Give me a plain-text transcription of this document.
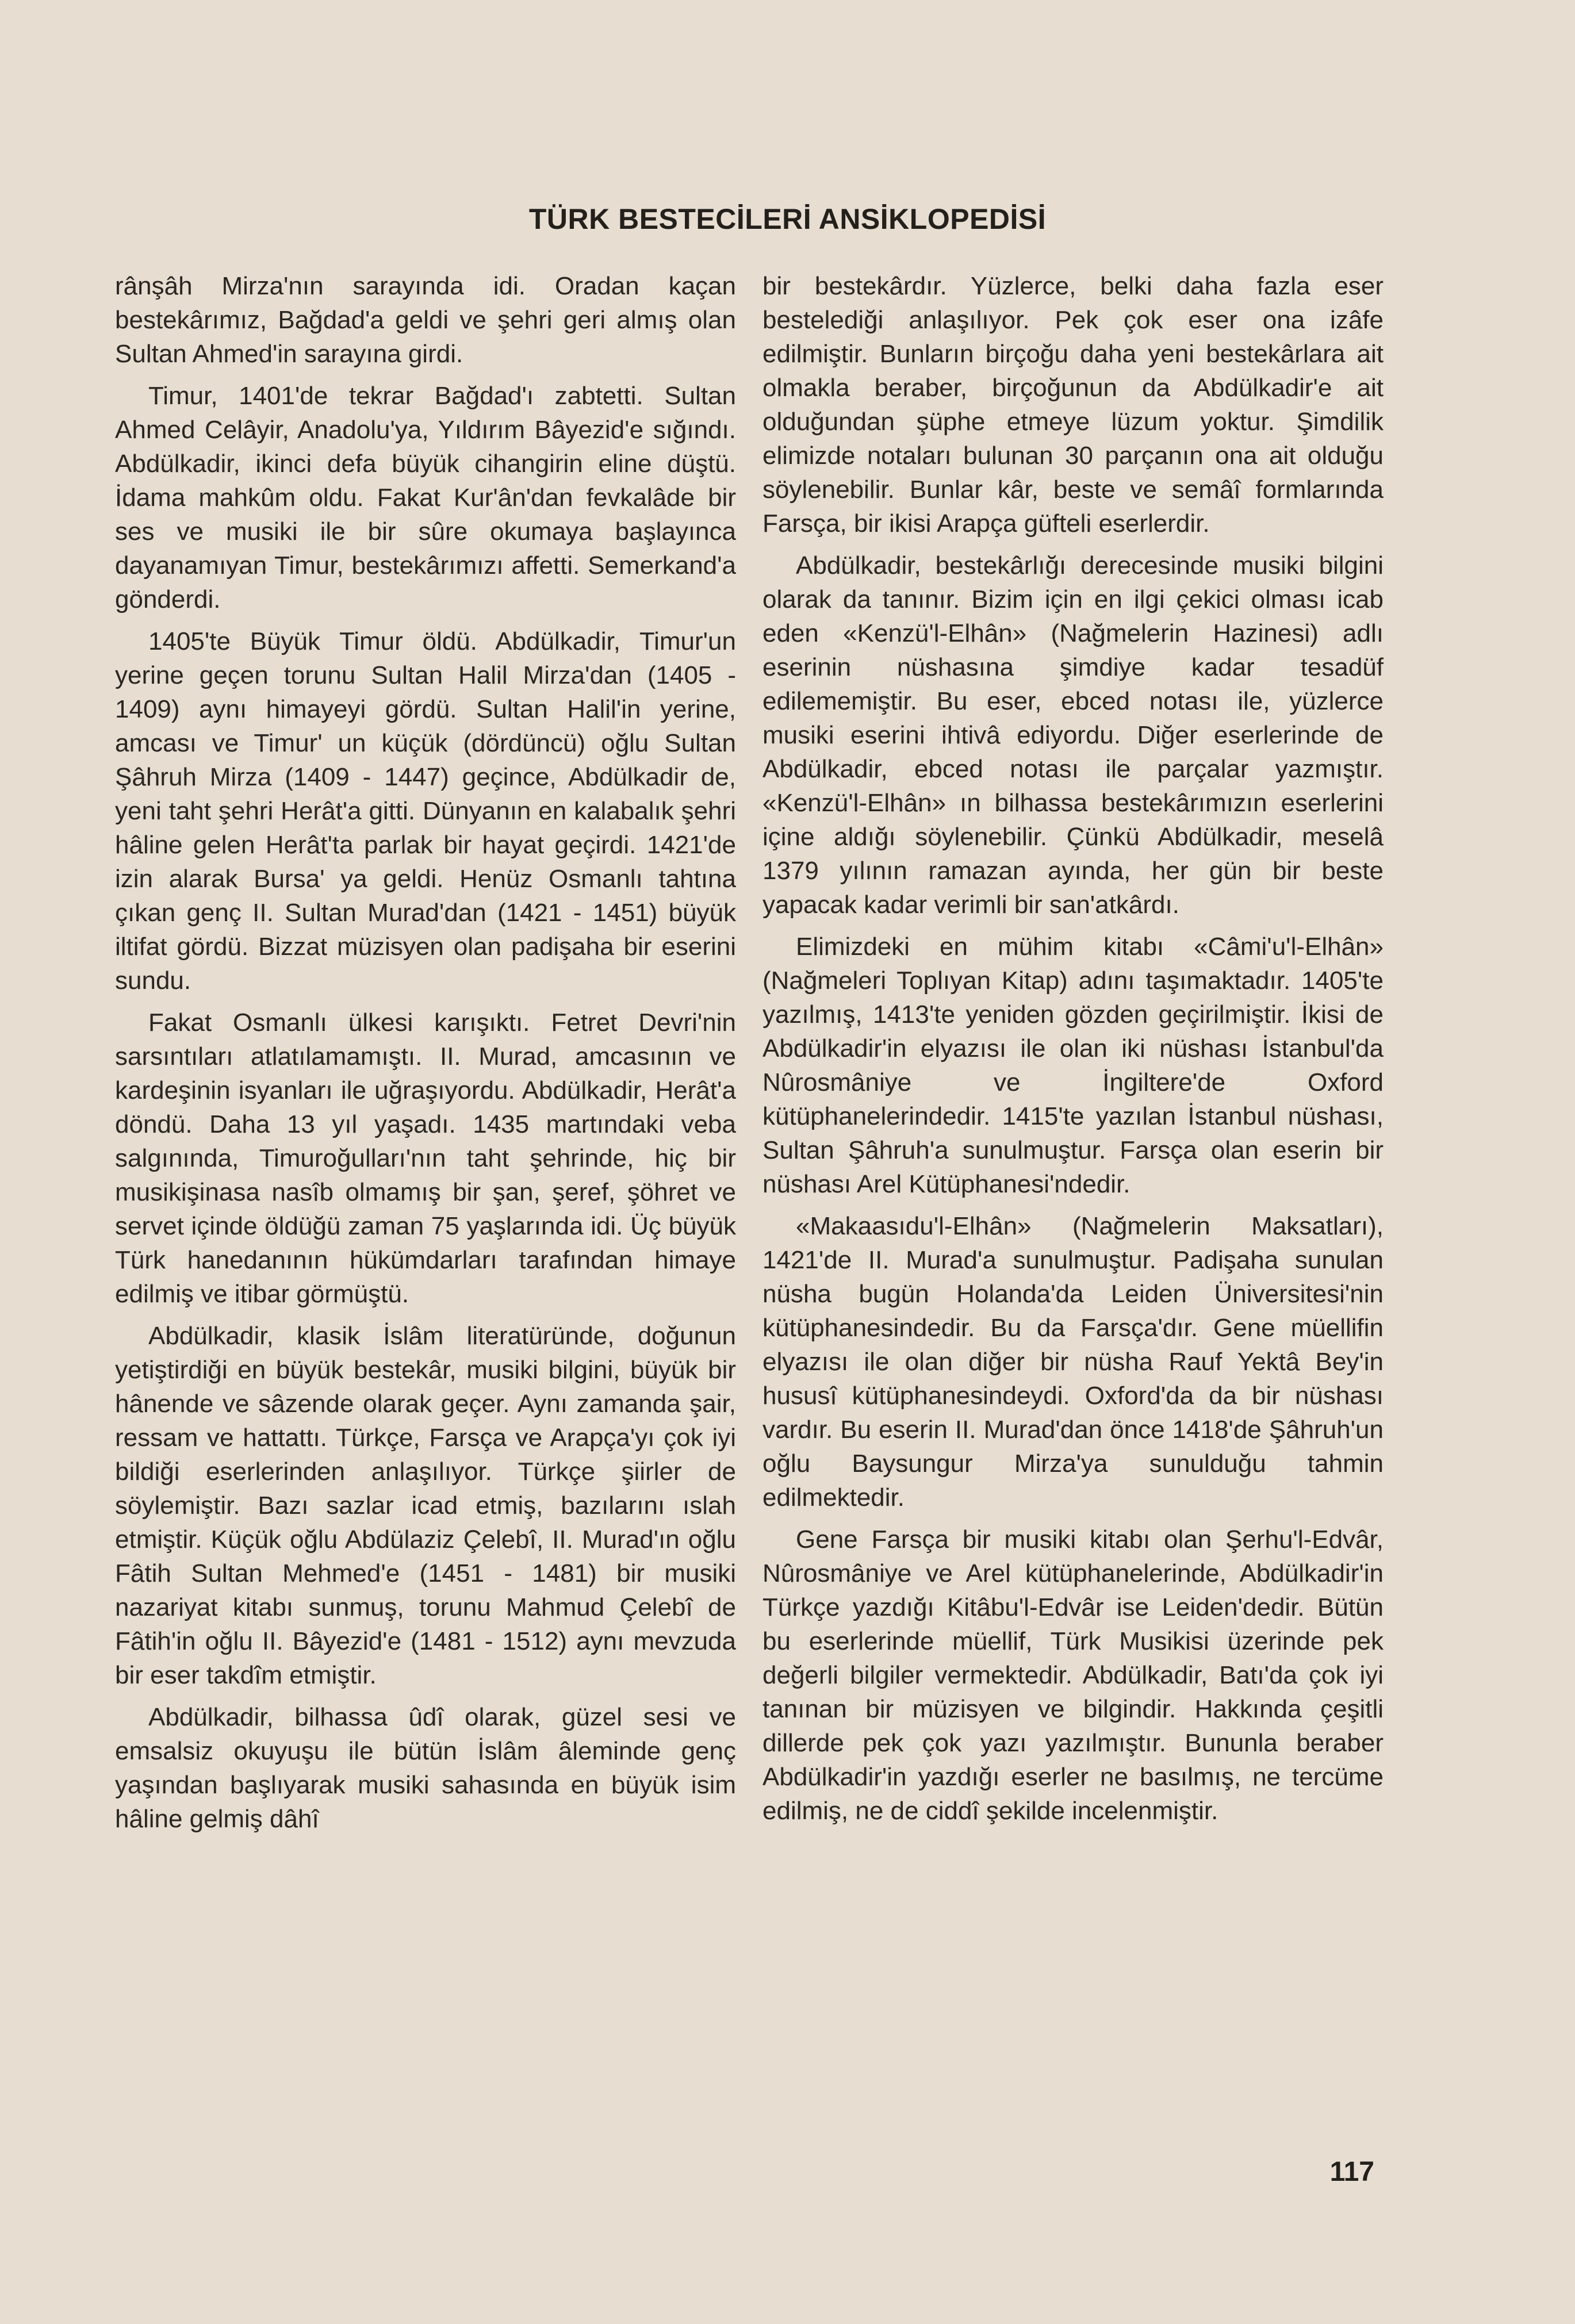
TÜRK BESTECİLERİ ANSİKLOPEDİSİ

rânşâh Mirza'nın sarayında idi. Oradan kaçan bestekârımız, Bağdad'a geldi ve şehri geri almış olan Sultan Ahmed'in sarayına girdi.

Timur, 1401'de tekrar Bağdad'ı zabtetti. Sultan Ahmed Celâyir, Anadolu'ya, Yıldırım Bâyezid'e sığındı. Abdülkadir, ikinci defa büyük cihangirin eline düştü. İdama mahkûm oldu. Fakat Kur'ân'dan fevkalâde bir ses ve musiki ile bir sûre okumaya başlayınca dayanamıyan Timur, bestekârımızı affetti. Semerkand'a gönderdi.

1405'te Büyük Timur öldü. Abdülkadir, Timur'un yerine geçen torunu Sultan Halil Mirza'dan (1405 - 1409) aynı himayeyi gördü. Sultan Halil'in yerine, amcası ve Timur' un küçük (dördüncü) oğlu Sultan Şâhruh Mirza (1409 - 1447) geçince, Abdülkadir de, yeni taht şehri Herât'a gitti. Dünyanın en kalabalık şehri hâline gelen Herât'ta parlak bir hayat geçirdi. 1421'de izin alarak Bursa' ya geldi. Henüz Osmanlı tahtına çıkan genç II. Sultan Murad'dan (1421 - 1451) büyük iltifat gördü. Bizzat müzisyen olan padişaha bir eserini sundu.

Fakat Osmanlı ülkesi karışıktı. Fetret Devri'nin sarsıntıları atlatılamamıştı. II. Murad, amcasının ve kardeşinin isyanları ile uğraşıyordu. Abdülkadir, Herât'a döndü. Daha 13 yıl yaşadı. 1435 martındaki veba salgınında, Timuroğulları'nın taht şehrinde, hiç bir musikişinasa nasîb olmamış bir şan, şeref, şöhret ve servet içinde öldüğü zaman 75 yaşlarında idi. Üç büyük Türk hanedanının hükümdarları tarafından himaye edilmiş ve itibar görmüştü.

Abdülkadir, klasik İslâm literatüründe, doğunun yetiştirdiği en büyük bestekâr, musiki bilgini, büyük bir hânende ve sâzende olarak geçer. Aynı zamanda şair, ressam ve hattattı. Türkçe, Farsça ve Arapça'yı çok iyi bildiği eserlerinden anlaşılıyor. Türkçe şiirler de söylemiştir. Bazı sazlar icad etmiş, bazılarını ıslah etmiştir. Küçük oğlu Abdülaziz Çelebî, II. Murad'ın oğlu Fâtih Sultan Mehmed'e (1451 - 1481) bir musiki nazariyat kitabı sunmuş, torunu Mahmud Çelebî de Fâtih'in oğlu II. Bâyezid'e (1481 - 1512) aynı mevzuda bir eser takdîm etmiştir.

Abdülkadir, bilhassa ûdî olarak, güzel sesi ve emsalsiz okuyuşu ile bütün İslâm âleminde genç yaşından başlıyarak musiki sahasında en büyük isim hâline gelmiş dâhî

bir bestekârdır. Yüzlerce, belki daha fazla eser bestelediği anlaşılıyor. Pek çok eser ona izâfe edilmiştir. Bunların birçoğu daha yeni bestekârlara ait olmakla beraber, birçoğunun da Abdülkadir'e ait olduğundan şüphe etmeye lüzum yoktur. Şimdilik elimizde notaları bulunan 30 parçanın ona ait olduğu söylenebilir. Bunlar kâr, beste ve semâî formlarında Farsça, bir ikisi Arapça güfteli eserlerdir.

Abdülkadir, bestekârlığı derecesinde musiki bilgini olarak da tanınır. Bizim için en ilgi çekici olması icab eden «Kenzü'l-Elhân» (Nağmelerin Hazinesi) adlı eserinin nüshasına şimdiye kadar tesadüf edilememiştir. Bu eser, ebced notası ile, yüzlerce musiki eserini ihtivâ ediyordu. Diğer eserlerinde de Abdülkadir, ebced notası ile parçalar yazmıştır. «Kenzü'l-Elhân» ın bilhassa bestekârımızın eserlerini içine aldığı söylenebilir. Çünkü Abdülkadir, meselâ 1379 yılının ramazan ayında, her gün bir beste yapacak kadar verimli bir san'atkârdı.

Elimizdeki en mühim kitabı «Câmi'u'l-Elhân» (Nağmeleri Toplıyan Kitap) adını taşımaktadır. 1405'te yazılmış, 1413'te yeniden gözden geçirilmiştir. İkisi de Abdülkadir'in elyazısı ile olan iki nüshası İstanbul'da Nûrosmâniye ve İngiltere'de Oxford kütüphanelerindedir. 1415'te yazılan İstanbul nüshası, Sultan Şâhruh'a sunulmuştur. Farsça olan eserin bir nüshası Arel Kütüphanesi'ndedir.

«Makaasıdu'l-Elhân» (Nağmelerin Maksatları), 1421'de II. Murad'a sunulmuştur. Padişaha sunulan nüsha bugün Holanda'da Leiden Üniversitesi'nin kütüphanesindedir. Bu da Farsça'dır. Gene müellifin elyazısı ile olan diğer bir nüsha Rauf Yektâ Bey'in hususî kütüphanesindeydi. Oxford'da da bir nüshası vardır. Bu eserin II. Murad'dan önce 1418'de Şâhruh'un oğlu Baysungur Mirza'ya sunulduğu tahmin edilmektedir.

Gene Farsça bir musiki kitabı olan Şerhu'l-Edvâr, Nûrosmâniye ve Arel kütüphanelerinde, Abdülkadir'in Türkçe yazdığı Kitâbu'l-Edvâr ise Leiden'dedir. Bütün bu eserlerinde müellif, Türk Musikisi üzerinde pek değerli bilgiler vermektedir. Abdülkadir, Batı'da çok iyi tanınan bir müzisyen ve bilgindir. Hakkında çeşitli dillerde pek çok yazı yazılmıştır. Bununla beraber Abdülkadir'in yazdığı eserler ne basılmış, ne tercüme edilmiş, ne de ciddî şekilde incelenmiştir.

117
